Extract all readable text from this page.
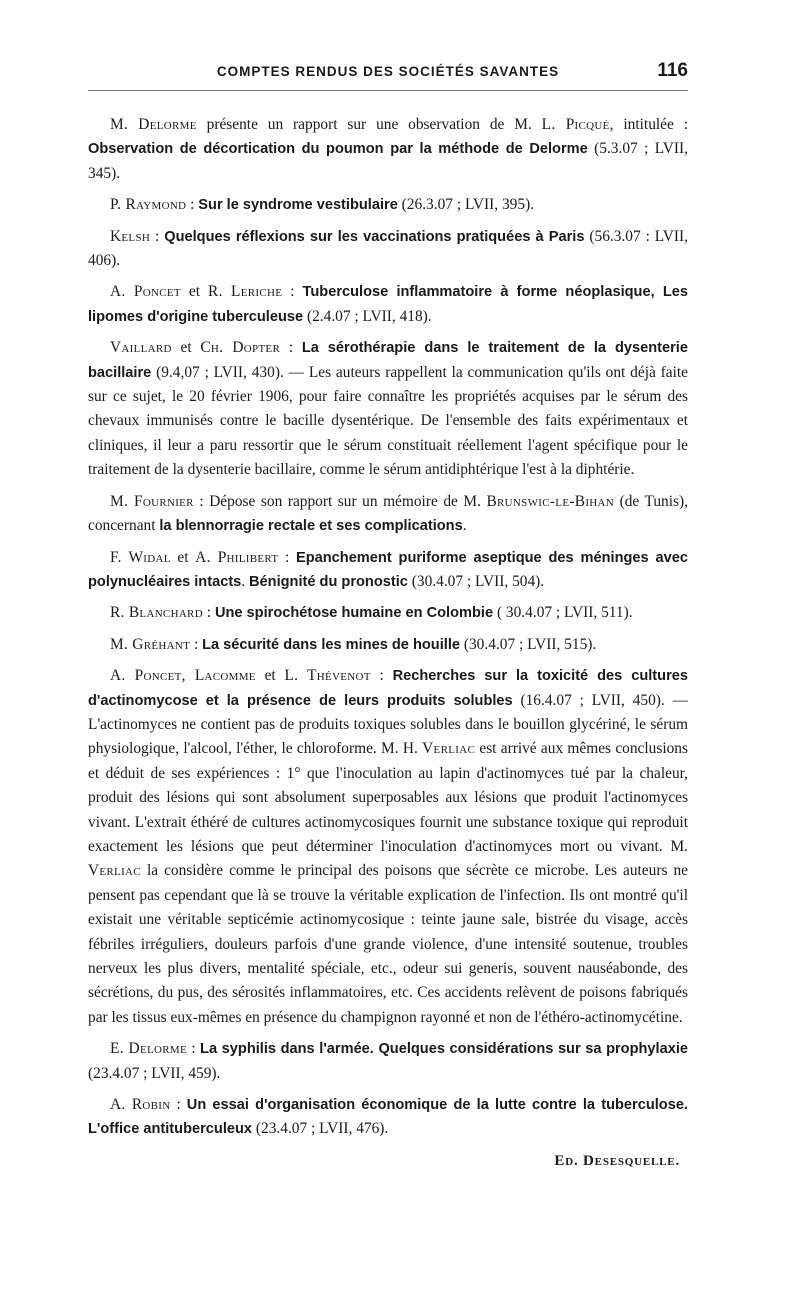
COMPTES RENDUS DES SOCIÉTÉS SAVANTES	116

M. Delorme présente un rapport sur une observation de M. L. Picqué, intitulée : Observation de décortication du poumon par la méthode de Delorme (5.3.07 ; LVII, 345).

P. Raymond : Sur le syndrome vestibulaire (26.3.07 ; LVII, 395).

Kelsh : Quelques réflexions sur les vaccinations pratiquées à Paris (56.3.07 : LVII, 406).

A. Poncet et R. Leriche : Tuberculose inflammatoire à forme néoplasique, Les lipomes d'origine tuberculeuse (2.4.07 ; LVII, 418).

Vaillard et Ch. Dopter : La sérothérapie dans le traitement de la dysenterie bacillaire (9.4,07 ; LVII, 430). — Les auteurs rappellent la communication qu'ils ont déjà faite sur ce sujet, le 20 février 1906, pour faire connaître les propriétés acquises par le sérum des chevaux immunisés contre le bacille dysentérique. De l'ensemble des faits expérimentaux et cliniques, il leur a paru ressortir que le sérum constituait réellement l'agent spécifique pour le traitement de la dysenterie bacillaire, comme le sérum antidiphtérique l'est à la diphtérie.

M. Fournier : Dépose son rapport sur un mémoire de M. Brunswic-le-Bihan (de Tunis), concernant la blennorragie rectale et ses complications.

F. Widal et A. Philibert : Epanchement puriforme aseptique des méninges avec polynucléaires intacts. Bénignité du pronostic (30.4.07 ; LVII, 504).

R. Blanchard : Une spirochétose humaine en Colombie ( 30.4.07 ; LVII, 511).

M. Gréhant : La sécurité dans les mines de houille (30.4.07 ; LVII, 515).

A. Poncet, Lacomme et L. Thévenot : Recherches sur la toxicité des cultures d'actinomycose et la présence de leurs produits solubles (16.4.07 ; LVII, 450). — L'actinomyces ne contient pas de produits toxiques solubles dans le bouillon glycériné, le sérum physiologique, l'alcool, l'éther, le chloroforme. M. H. Verliac est arrivé aux mêmes conclusions et déduit de ses expériences : 1° que l'inoculation au lapin d'actinomyces tué par la chaleur, produit des lésions qui sont absolument superposables aux lésions que produit l'actinomyces vivant. L'extrait éthéré de cultures actinomycosiques fournit une substance toxique qui reproduit exactement les lésions que peut déterminer l'inoculation d'actinomyces mort ou vivant. M. Verliac la considère comme le principal des poisons que sécrète ce microbe. Les auteurs ne pensent pas cependant que là se trouve la véritable explication de l'infection. Ils ont montré qu'il existait une véritable septicémie actinomycosique : teinte jaune sale, bistrée du visage, accès fébriles irréguliers, douleurs parfois d'une grande violence, d'une intensité soutenue, troubles nerveux les plus divers, mentalité spéciale, etc., odeur sui generis, souvent nauséabonde, des sécrétions, du pus, des sérosités inflammatoires, etc. Ces accidents relèvent de poisons fabriqués par les tissus eux-mêmes en présence du champignon rayonné et non de l'éthéro-actinomycétine.

E. Delorme : La syphilis dans l'armée. Quelques considérations sur sa prophylaxie (23.4.07 ; LVII, 459).

A. Robin : Un essai d'organisation économique de la lutte contre la tuberculose. L'office antituberculeux (23.4.07 ; LVII, 476).

Ed. Desesquelle.
